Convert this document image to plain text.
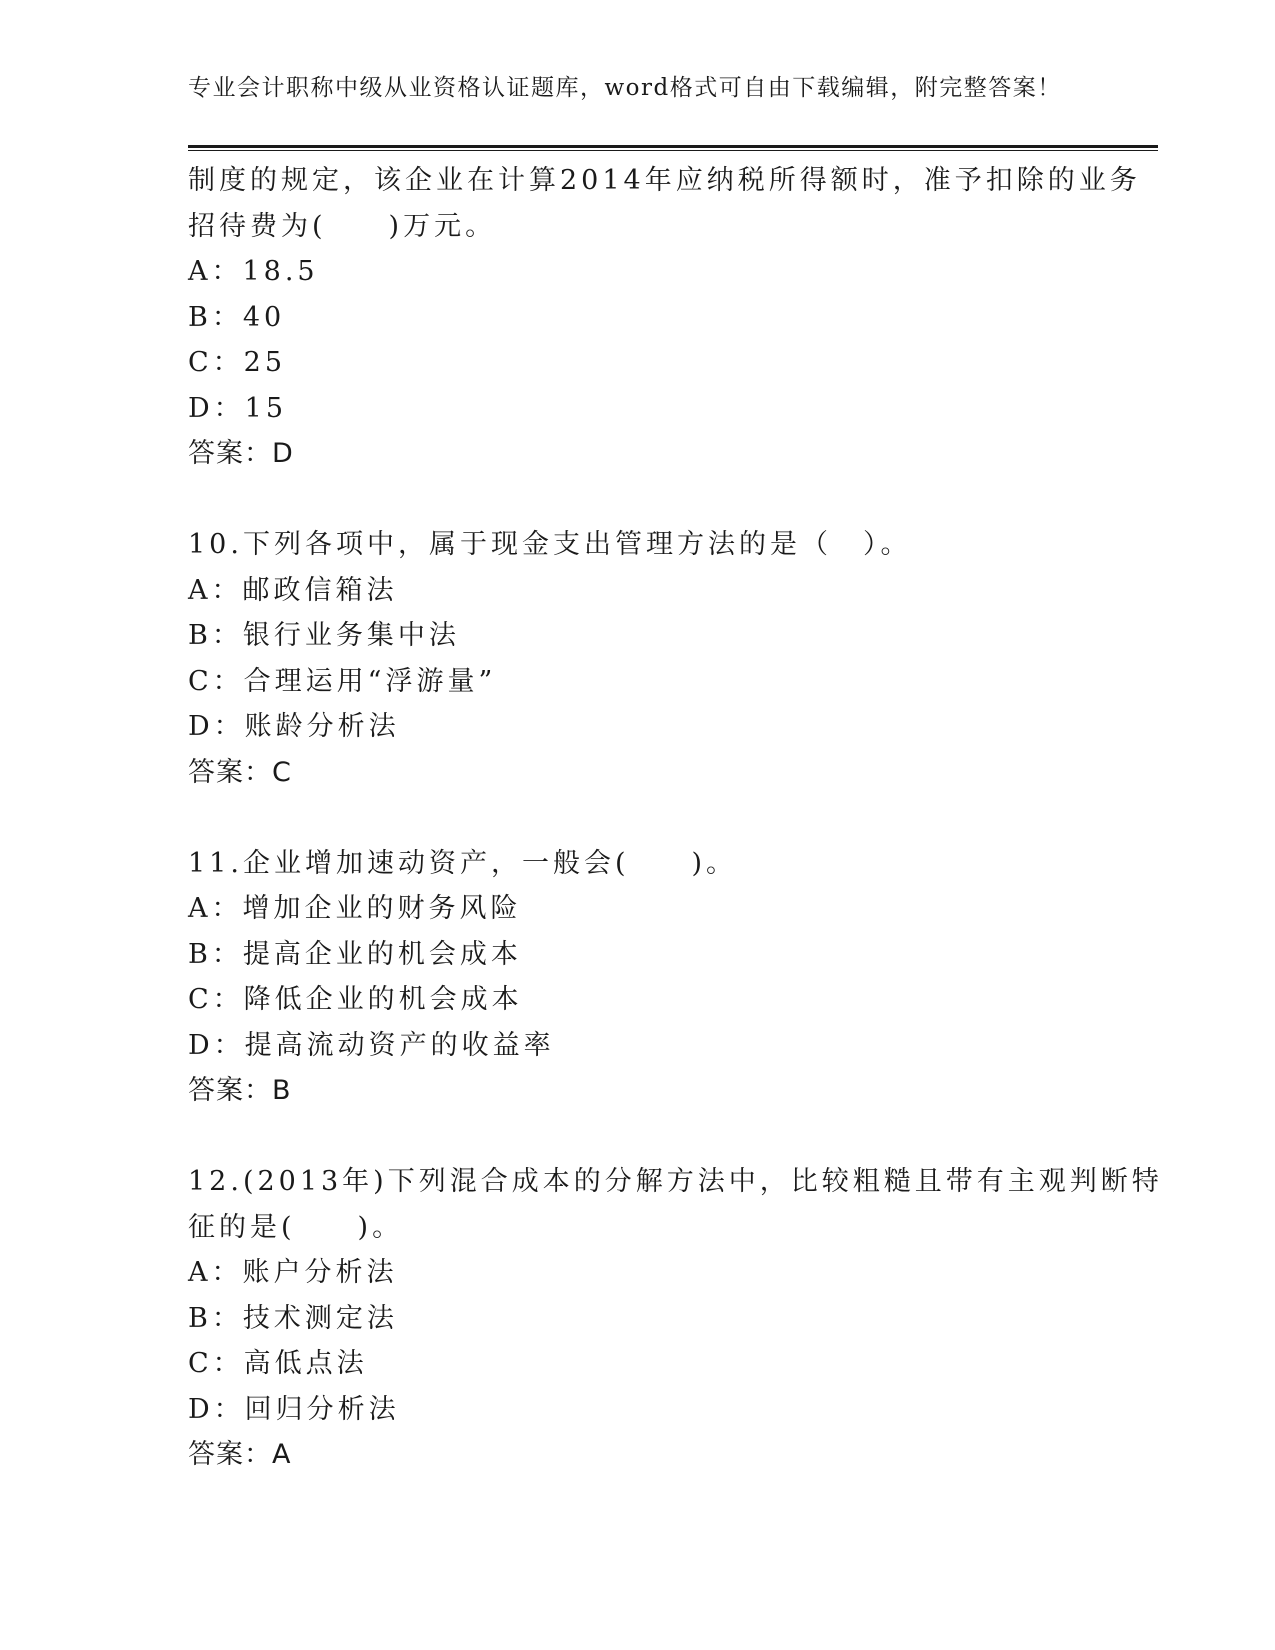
专业会计职称中级从业资格认证题库，word格式可自由下载编辑，附完整答案！
制度的规定，该企业在计算2014年应纳税所得额时，准予扣除的业务
招待费为(　　)万元。
A：18.5
B：40
C：25
D：15
答案：D
10.下列各项中，属于现金支出管理方法的是（　）。
A：邮政信箱法
B：银行业务集中法
C：合理运用“浮游量”
D：账龄分析法
答案：C
11.企业增加速动资产，一般会(　　)。
A：增加企业的财务风险
B：提高企业的机会成本
C：降低企业的机会成本
D：提高流动资产的收益率
答案：B
12.(2013年)下列混合成本的分解方法中，比较粗糙且带有主观判断特
征的是(　　)。
A：账户分析法
B：技术测定法
C：高低点法
D：回归分析法
答案：A
